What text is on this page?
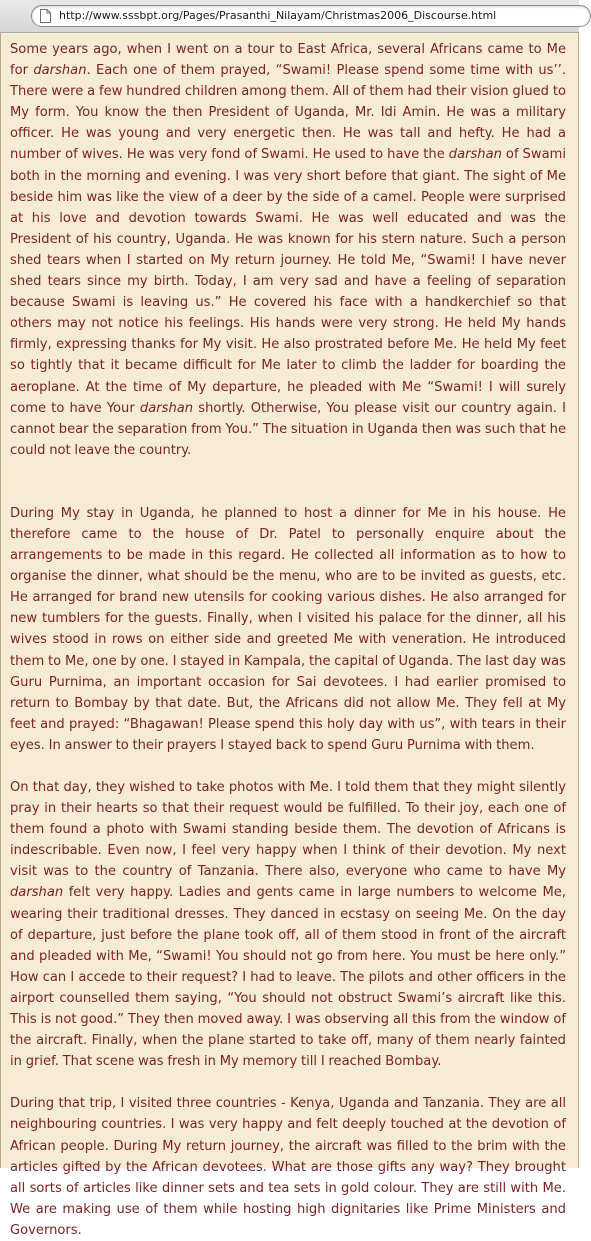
http://www.sssbpt.org/Pages/Prasanthi_Nilayam/Christmas2006_Discourse.html

Some years ago, when I went on a tour to East Africa, several Africans came to Me for darshan. Each one of them prayed, “Swami! Please spend some time with us’’. There were a few hundred children among them. All of them had their vision glued to My form. You know the then President of Uganda, Mr. Idi Amin. He was a military officer. He was young and very energetic then. He was tall and hefty. He had a number of wives. He was very fond of Swami. He used to have the darshan of Swami both in the morning and evening. I was very short before that giant. The sight of Me beside him was like the view of a deer by the side of a camel. People were surprised at his love and devotion towards Swami. He was well educated and was the President of his country, Uganda. He was known for his stern nature. Such a person shed tears when I started on My return journey. He told Me, “Swami! I have never shed tears since my birth. Today, I am very sad and have a feeling of separation because Swami is leaving us.” He covered his face with a handkerchief so that others may not notice his feelings. His hands were very strong. He held My hands firmly, expressing thanks for My visit. He also prostrated before Me. He held My feet so tightly that it became difficult for Me later to climb the ladder for boarding the aeroplane. At the time of My departure, he pleaded with Me “Swami! I will surely come to have Your darshan shortly. Otherwise, You please visit our country again. I cannot bear the separation from You.” The situation in Uganda then was such that he could not leave the country.

During My stay in Uganda, he planned to host a dinner for Me in his house. He therefore came to the house of Dr. Patel to personally enquire about the arrangements to be made in this regard. He collected all information as to how to organise the dinner, what should be the menu, who are to be invited as guests, etc. He arranged for brand new utensils for cooking various dishes. He also arranged for new tumblers for the guests. Finally, when I visited his palace for the dinner, all his wives stood in rows on either side and greeted Me with veneration. He introduced them to Me, one by one. I stayed in Kampala, the capital of Uganda. The last day was Guru Purnima, an important occasion for Sai devotees. I had earlier promised to return to Bombay by that date. But, the Africans did not allow Me. They fell at My feet and prayed: “Bhagawan! Please spend this holy day with us”, with tears in their eyes. In answer to their prayers I stayed back to spend Guru Purnima with them.

On that day, they wished to take photos with Me. I told them that they might silently pray in their hearts so that their request would be fulfilled. To their joy, each one of them found a photo with Swami standing beside them. The devotion of Africans is indescribable. Even now, I feel very happy when I think of their devotion. My next visit was to the country of Tanzania. There also, everyone who came to have My darshan felt very happy. Ladies and gents came in large numbers to welcome Me, wearing their traditional dresses. They danced in ecstasy on seeing Me. On the day of departure, just before the plane took off, all of them stood in front of the aircraft and pleaded with Me, “Swami! You should not go from here. You must be here only.” How can I accede to their request? I had to leave. The pilots and other officers in the airport counselled them saying, “You should not obstruct Swami’s aircraft like this. This is not good.” They then moved away. I was observing all this from the window of the aircraft. Finally, when the plane started to take off, many of them nearly fainted in grief. That scene was fresh in My memory till I reached Bombay.

During that trip, I visited three countries - Kenya, Uganda and Tanzania. They are all neighbouring countries. I was very happy and felt deeply touched at the devotion of African people. During My return journey, the aircraft was filled to the brim with the articles gifted by the African devotees. What are those gifts any way? They brought all sorts of articles like dinner sets and tea sets in gold colour. They are still with Me. We are making use of them while hosting high dignitaries like Prime Ministers and Governors.
